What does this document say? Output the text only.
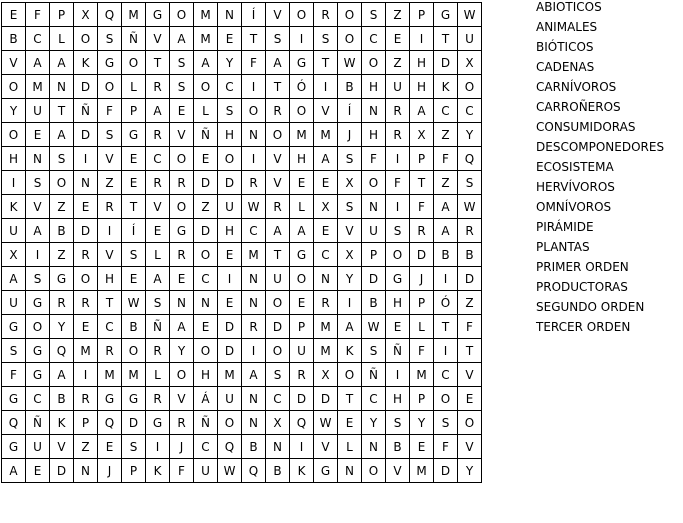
E	F	P	X	Q	M	G	O	M	N	Í	V	O	R	O	S	Z	P	G	W
B	C	L	O	S	Ñ	V	A	M	E	T	S	I	S	O	C	E	I	T	U
V	A	A	K	G	O	T	S	A	Y	F	A	G	T	W	O	Z	H	D	X
O	M	N	D	O	L	R	S	O	C	I	T	Ó	I	B	H	U	H	K	O
Y	U	T	Ñ	F	P	A	E	L	S	O	R	O	V	Í	N	R	A	C	C
O	E	A	D	S	G	R	V	Ñ	H	N	O	M	M	J	H	R	X	Z	Y
H	N	S	I	V	E	C	O	E	O	I	V	H	A	S	F	I	P	F	Q
I	S	O	N	Z	E	R	R	D	D	R	V	E	E	X	O	F	T	Z	S
K	V	Z	E	R	T	V	O	Z	U	W	R	L	X	S	N	I	F	A	W
U	A	B	D	I	Í	E	G	D	H	C	A	A	E	V	U	S	R	A	R
X	I	Z	R	V	S	L	R	O	E	M	T	G	C	X	P	O	D	B	B
A	S	G	O	H	E	A	E	C	I	N	U	O	N	Y	D	G	J	I	D
U	G	R	R	T	W	S	N	N	E	N	O	E	R	I	B	H	P	Ó	Z
G	O	Y	E	C	B	Ñ	A	E	D	R	D	P	M	A	W	E	L	T	F
S	G	Q	M	R	O	R	Y	O	D	I	O	U	M	K	S	Ñ	F	I	T
F	G	A	I	M	M	L	O	H	M	A	S	R	X	O	Ñ	I	M	C	V
G	C	B	R	G	G	R	V	Á	U	N	C	D	D	T	C	H	P	O	E
Q	Ñ	K	P	Q	D	G	R	Ñ	O	N	X	Q	W	E	Y	S	Y	S	O
G	U	V	Z	E	S	I	J	C	Q	B	N	I	V	L	N	B	E	F	V
A	E	D	N	J	P	K	F	U	W	Q	B	K	G	N	O	V	M	D	Y
ABIOTICOS
ANIMALES
BIÓTICOS
CADENAS
CARNÍVOROS
CARROÑEROS
CONSUMIDORAS
DESCOMPONEDORES
ECOSISTEMA
HERVÍVOROS
OMNÍVOROS
PIRÁMIDE
PLANTAS
PRIMER ORDEN
PRODUCTORAS
SEGUNDO ORDEN
TERCER ORDEN
